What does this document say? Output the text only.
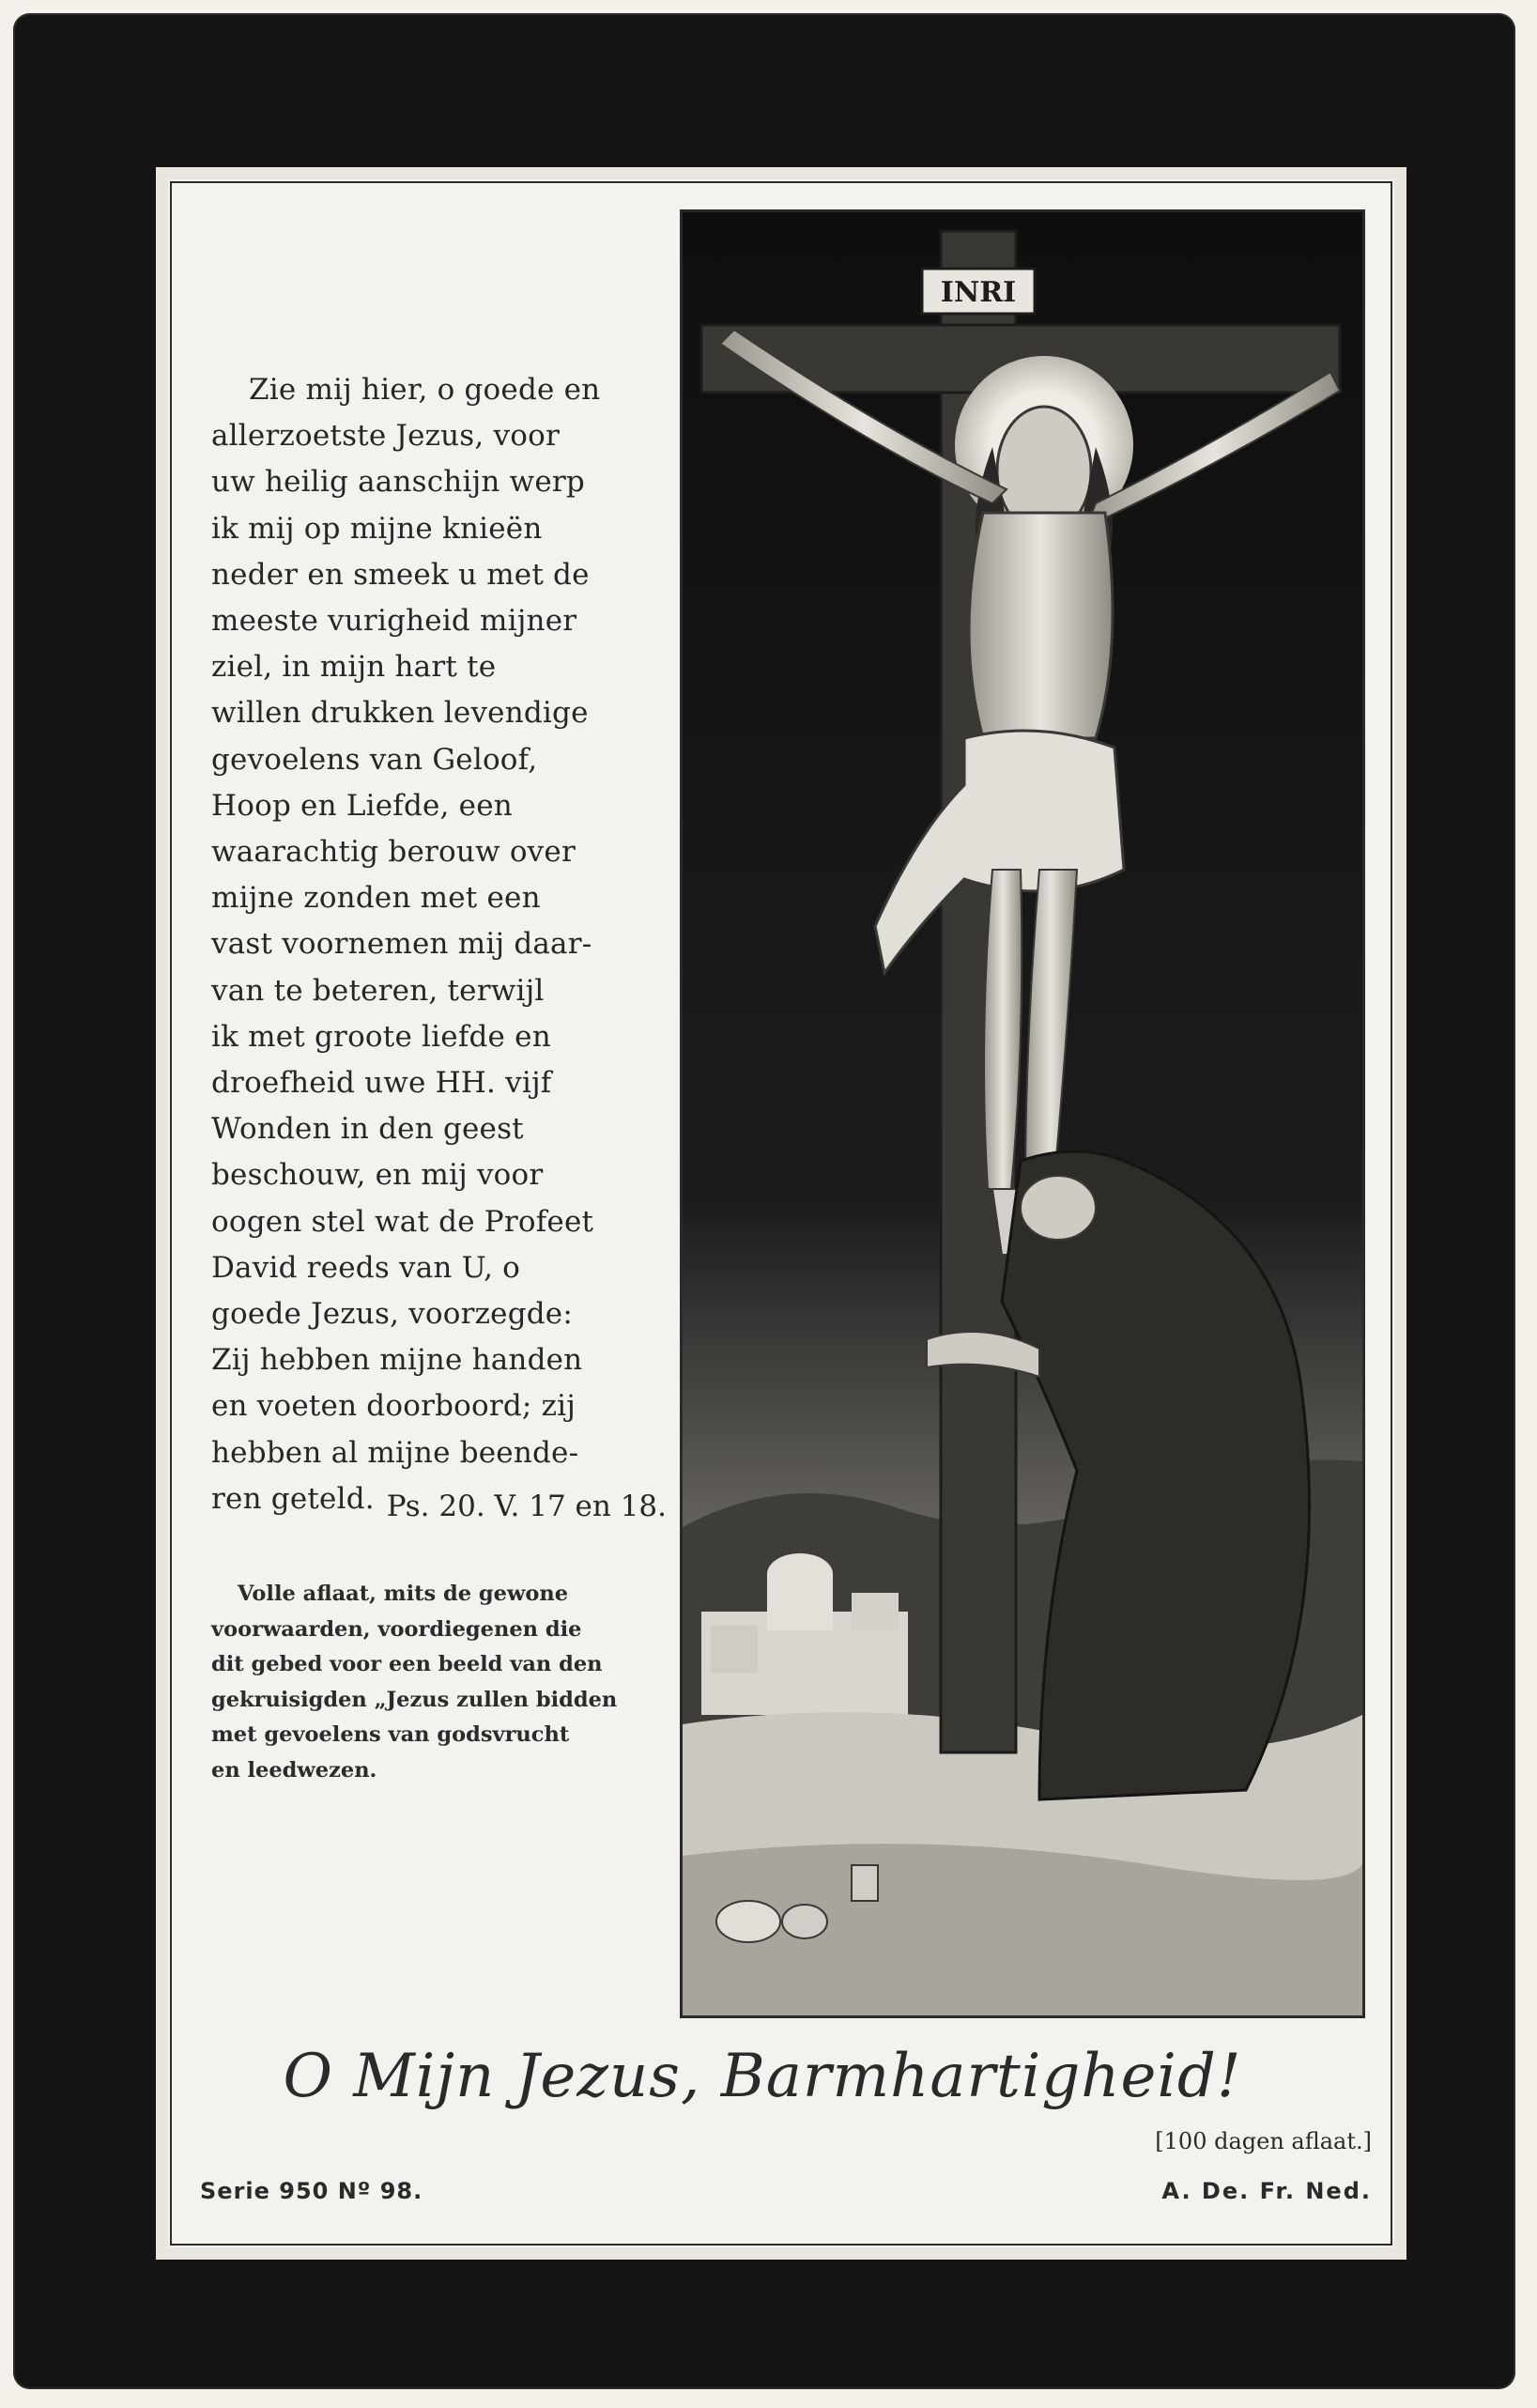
Zie mij hier, o goede en
allerzoetste Jezus, voor
uw heilig aanschijn werp
ik mij op mijne knieën
neder en smeek u met de
meeste vurigheid mijner
ziel, in mijn hart te
willen drukken levendige
gevoelens van Geloof,
Hoop en Liefde, een
waarachtig berouw over
mijne zonden met een
vast voornemen mij daar-
van te beteren, terwijl
ik met groote liefde en
droefheid uwe HH. vijf
Wonden in den geest
beschouw, en mij voor
oogen stel wat de Profeet
David reeds van U, o
goede Jezus, voorzegde:
Zij hebben mijne handen
en voeten doorboord; zij
hebben al mijne beende-
ren geteld. Ps. 20. V. 17 en 18.
Volle aflaat, mits de gewone
voorwaarden, voordiegenen die
dit gebed voor een beeld van den
gekruisigden „Jezus zullen bidden
met gevoelens van godsvrucht
en leedwezen.
INRI
O Mijn Jezus, Barmhartigheid!
[100 dagen aflaat.]
Serie 950 Nº 98.	A. De. Fr. Ned.
